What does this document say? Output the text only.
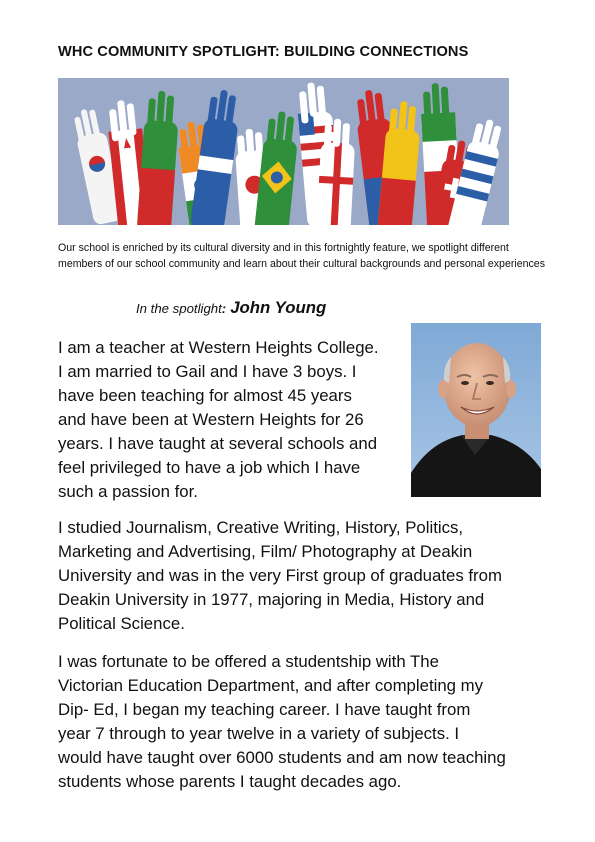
WHC COMMUNITY SPOTLIGHT: BUILDING CONNECTIONS
Our school is enriched by its cultural diversity and in this fortnightly feature, we spotlight different members of our school community and learn about their cultural backgrounds and personal experiences
In the spotlight: John Young
I am a teacher at Western Heights College.
I am married to Gail and I have 3 boys. I
have been teaching for almost 45 years
and have been at Western Heights for 26
years. I have taught at several schools and
feel privileged to have a job which I have
such a passion for.
I studied Journalism, Creative Writing, History, Politics,
Marketing and Advertising, Film/ Photography at Deakin
University and was in the very First group of graduates from
Deakin University in 1977, majoring in Media, History and
Political Science.
I was fortunate to be offered a studentship with The
Victorian Education Department, and after completing my
Dip- Ed, I began my teaching career. I have taught from
year 7 through to year twelve in a variety of subjects. I
would have taught over 6000 students and am now teaching
students whose parents I taught decades ago.
